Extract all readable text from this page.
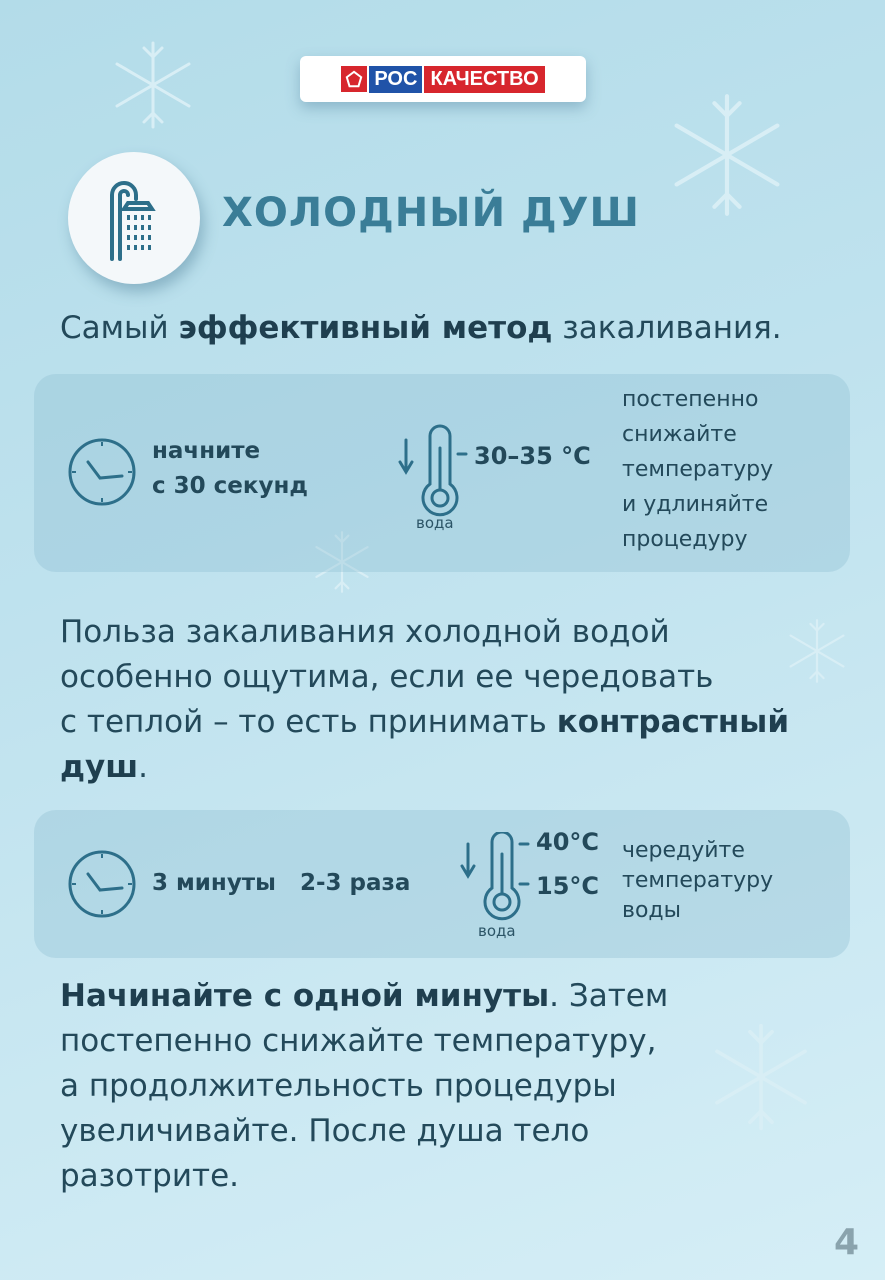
РОС КАЧЕСТВО
ХОЛОДНЫЙ ДУШ

Самый эффективный метод закаливания.

начните
с 30 секунд
30–35 °C
вода
постепенно
снижайте
температуру
и удлиняйте
процедуру

Польза закаливания холодной водой
особенно ощутима, если ее чередовать
с теплой – то есть принимать контрастный
душ.

3 минуты 2-3 раза
40°C
15°C
вода
чередуйте
температуру
воды

Начинайте с одной минуты. Затем
постепенно снижайте температуру,
а продолжительность процедуры
увеличивайте. После душа тело
разотрите.

4
